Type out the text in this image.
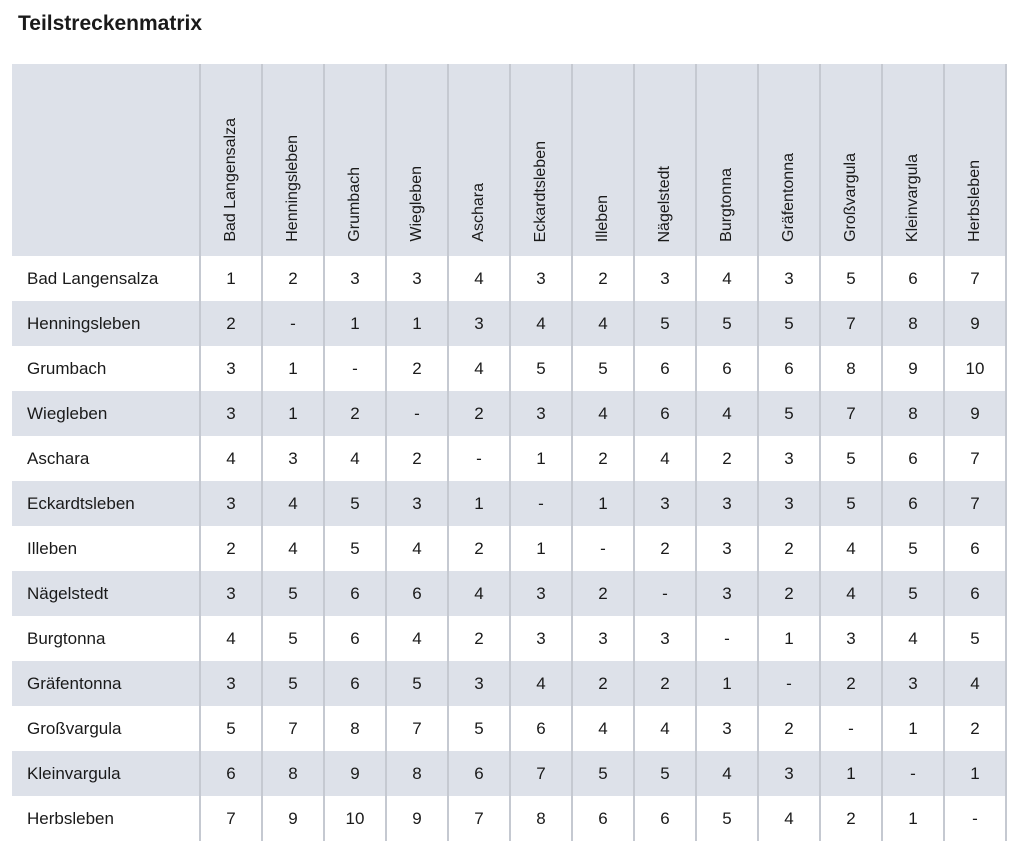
Teilstreckenmatrix

	Bad Langensalza	Henningsleben	Grumbach	Wiegleben	Aschara	Eckardtsleben	Illeben	Nägelstedt	Burgtonna	Gräfentonna	Großvargula	Kleinvargula	Herbsleben

Bad Langensalza	1	2	3	3	4	3	2	3	4	3	5	6	7
Henningsleben	2	-	1	1	3	4	4	5	5	5	7	8	9
Grumbach	3	1	-	2	4	5	5	6	6	6	8	9	10
Wiegleben	3	1	2	-	2	3	4	6	4	5	7	8	9
Aschara	4	3	4	2	-	1	2	4	2	3	5	6	7
Eckardtsleben	3	4	5	3	1	-	1	3	3	3	5	6	7
Illeben	2	4	5	4	2	1	-	2	3	2	4	5	6
Nägelstedt	3	5	6	6	4	3	2	-	3	2	4	5	6
Burgtonna	4	5	6	4	2	3	3	3	-	1	3	4	5
Gräfentonna	3	5	6	5	3	4	2	2	1	-	2	3	4
Großvargula	5	7	8	7	5	6	4	4	3	2	-	1	2
Kleinvargula	6	8	9	8	6	7	5	5	4	3	1	-	1
Herbsleben	7	9	10	9	7	8	6	6	5	4	2	1	-
